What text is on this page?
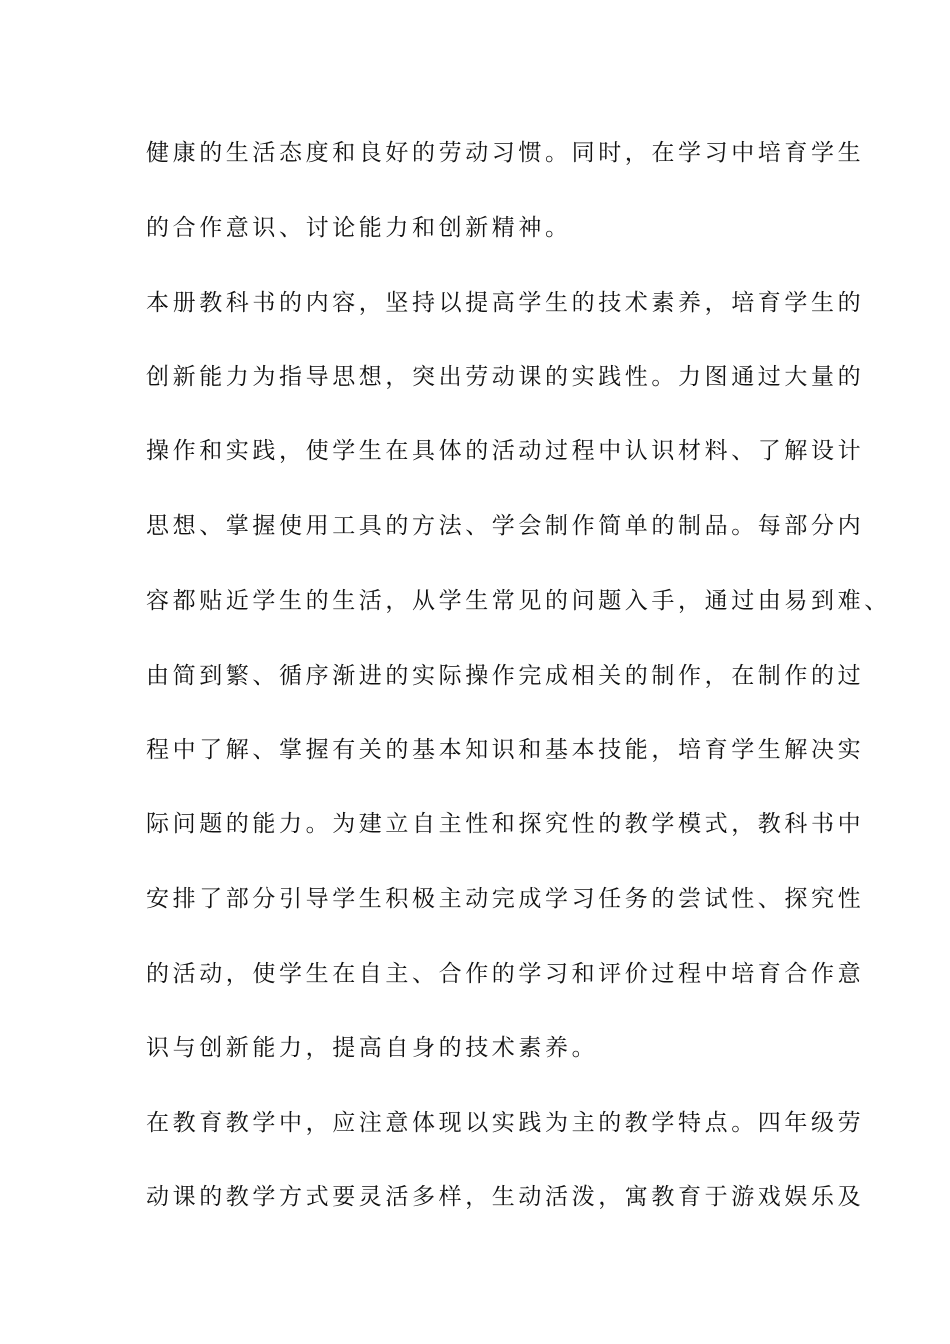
健康的生活态度和良好的劳动习惯。同时，在学习中培育学生
的合作意识、讨论能力和创新精神。
本册教科书的内容，坚持以提高学生的技术素养，培育学生的
创新能力为指导思想，突出劳动课的实践性。力图通过大量的
操作和实践，使学生在具体的活动过程中认识材料、了解设计
思想、掌握使用工具的方法、学会制作简单的制品。每部分内
容都贴近学生的生活，从学生常见的问题入手，通过由易到难、
由简到繁、循序渐进的实际操作完成相关的制作，在制作的过
程中了解、掌握有关的基本知识和基本技能，培育学生解决实
际问题的能力。为建立自主性和探究性的教学模式，教科书中
安排了部分引导学生积极主动完成学习任务的尝试性、探究性
的活动，使学生在自主、合作的学习和评价过程中培育合作意
识与创新能力，提高自身的技术素养。
在教育教学中，应注意体现以实践为主的教学特点。四年级劳
动课的教学方式要灵活多样，生动活泼，寓教育于游戏娱乐及
